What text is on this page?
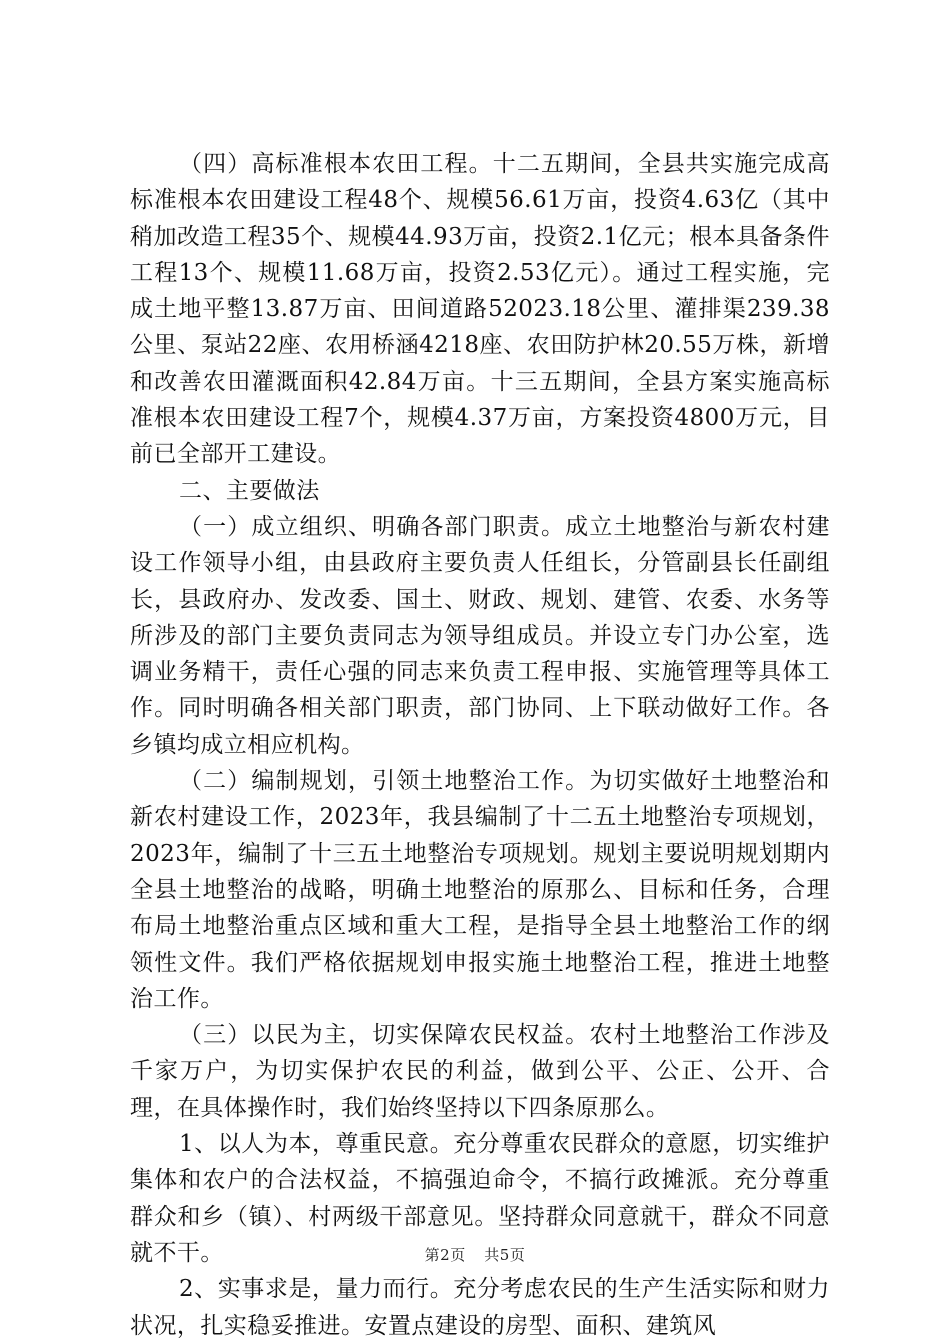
（四）高标准根本农田工程。十二五期间，全县共实施完成高标准根本农田建设工程48个、规模56.61万亩，投资4.63亿（其中稍加改造工程35个、规模44.93万亩，投资2.1亿元；根本具备条件工程13个、规模11.68万亩，投资2.53亿元）。通过工程实施，完成土地平整13.87万亩、田间道路52023.18公里、灌排渠239.38公里、泵站22座、农用桥涵4218座、农田防护林20.55万株，新增和改善农田灌溉面积42.84万亩。十三五期间，全县方案实施高标准根本农田建设工程7个，规模4.37万亩，方案投资4800万元，目前已全部开工建设。

二、主要做法

（一）成立组织、明确各部门职责。成立土地整治与新农村建设工作领导小组，由县政府主要负责人任组长，分管副县长任副组长，县政府办、发改委、国土、财政、规划、建管、农委、水务等所涉及的部门主要负责同志为领导组成员。并设立专门办公室，选调业务精干，责任心强的同志来负责工程申报、实施管理等具体工作。同时明确各相关部门职责，部门协同、上下联动做好工作。各乡镇均成立相应机构。

（二）编制规划，引领土地整治工作。为切实做好土地整治和新农村建设工作，2023年，我县编制了十二五土地整治专项规划，2023年，编制了十三五土地整治专项规划。规划主要说明规划期内全县土地整治的战略，明确土地整治的原那么、目标和任务，合理布局土地整治重点区域和重大工程，是指导全县土地整治工作的纲领性文件。我们严格依据规划申报实施土地整治工程，推进土地整治工作。

（三）以民为主，切实保障农民权益。农村土地整治工作涉及千家万户，为切实保护农民的利益，做到公平、公正、公开、合理，在具体操作时，我们始终坚持以下四条原那么。

1、以人为本，尊重民意。充分尊重农民群众的意愿，切实维护集体和农户的合法权益，不搞强迫命令，不搞行政摊派。充分尊重群众和乡（镇）、村两级干部意见。坚持群众同意就干，群众不同意就不干。

2、实事求是，量力而行。充分考虑农民的生产生活实际和财力状况，扎实稳妥推进。安置点建设的房型、面积、建筑风

第2页 共5页
